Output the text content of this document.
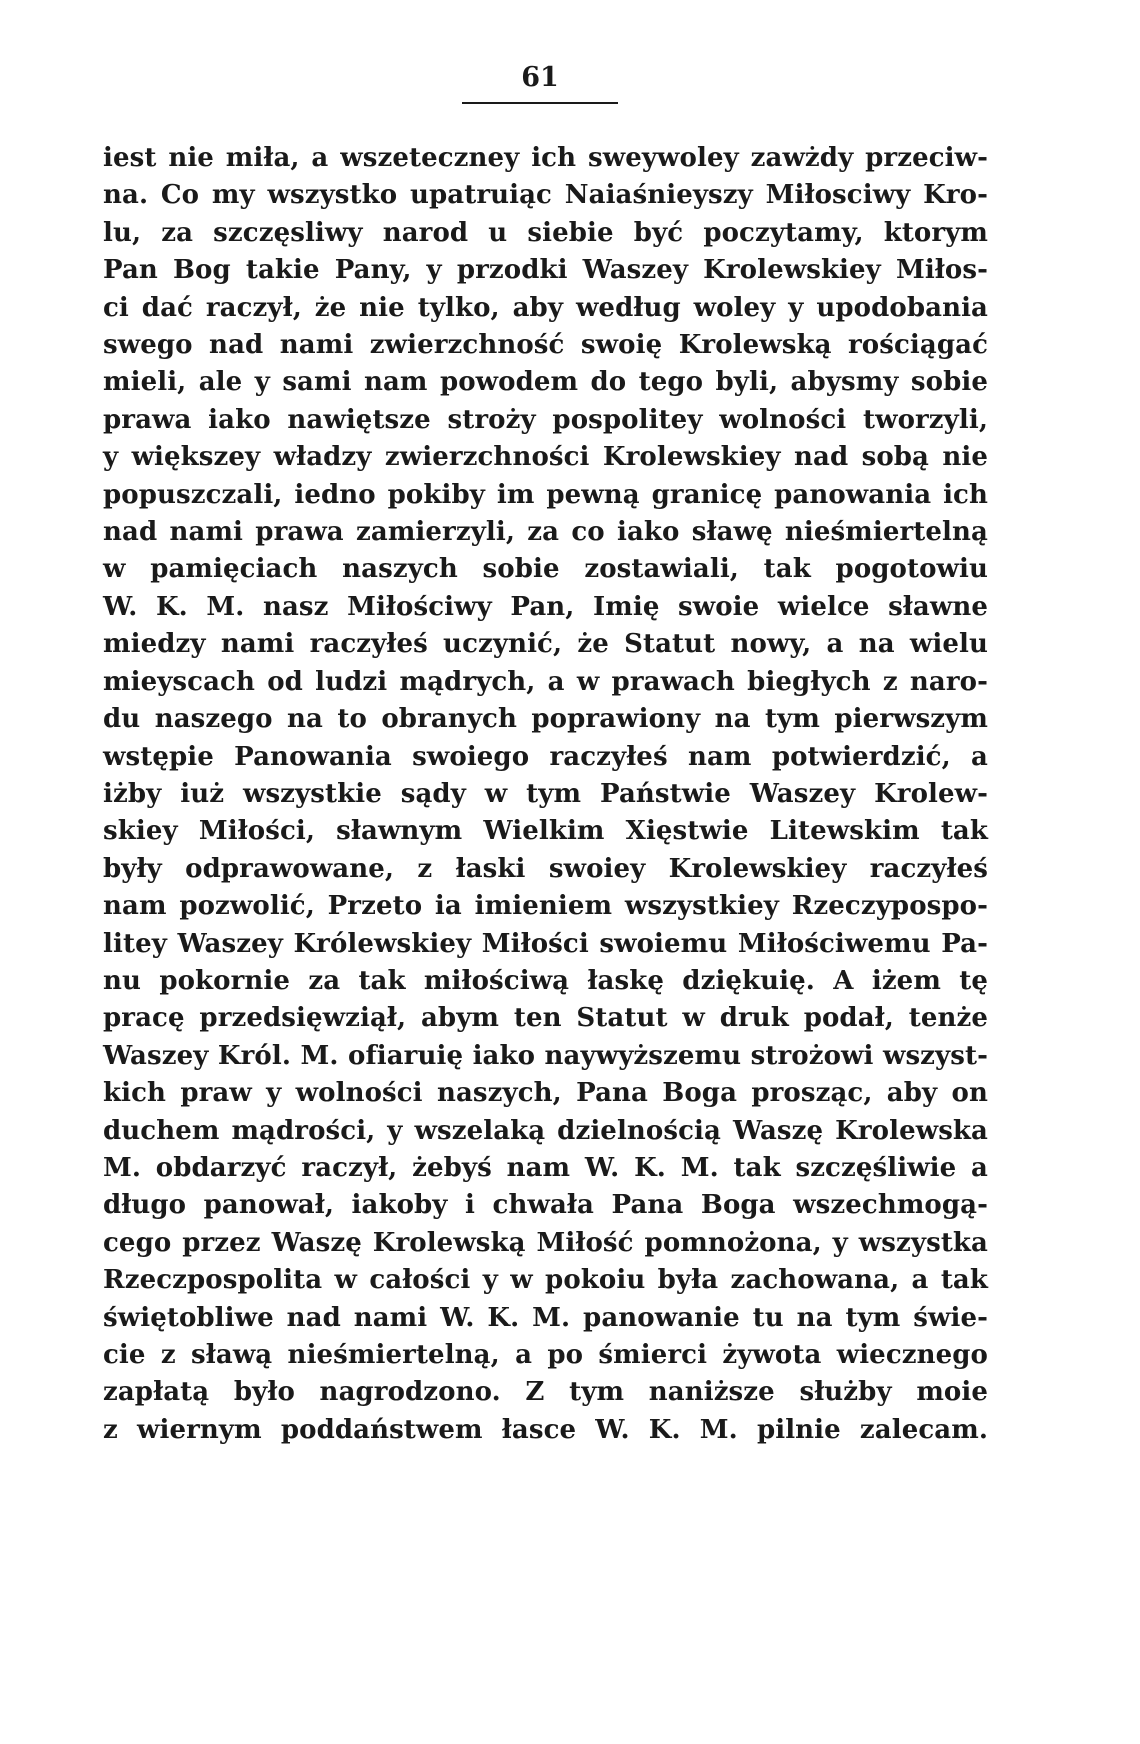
61
iest nie miła, a wszeteczney ich sweywoley zawżdy przeciw-
na. Co my wszystko upatruiąc Naiaśnieyszy Miłosciwy Kro-
lu, za szczęsliwy narod u siebie być poczytamy, ktorym
Pan Bog takie Pany, y przodki Waszey Krolewskiey Miłos-
ci dać raczył, że nie tylko, aby według woley y upodobania
swego nad nami zwierzchność swoię Krolewską rościągać
mieli, ale y sami nam powodem do tego byli, abysmy sobie
prawa iako nawiętsze stroży pospolitey wolności tworzyli,
y większey władzy zwierzchności Krolewskiey nad sobą nie
popuszczali, iedno pokiby im pewną granicę panowania ich
nad nami prawa zamierzyli, za co iako sławę nieśmiertelną
w pamięciach naszych sobie zostawiali, tak pogotowiu
W. K. M. nasz Miłościwy Pan, Imię swoie wielce sławne
miedzy nami raczyłeś uczynić, że Statut nowy, a na wielu
mieyscach od ludzi mądrych, a w prawach biegłych z naro-
du naszego na to obranych poprawiony na tym pierwszym
wstępie Panowania swoiego raczyłeś nam potwierdzić, a
iżby iuż wszystkie sądy w tym Państwie Waszey Krolew-
skiey Miłości, sławnym Wielkim Xięstwie Litewskim tak
były odprawowane, z łaski swoiey Krolewskiey raczyłeś
nam pozwolić, Przeto ia imieniem wszystkiey Rzeczypospo-
litey Waszey Królewskiey Miłości swoiemu Miłościwemu Pa-
nu pokornie za tak miłościwą łaskę dziękuię. A iżem tę
pracę przedsięwziął, abym ten Statut w druk podał, tenże
Waszey Król. M. ofiaruię iako naywyższemu strożowi wszyst-
kich praw y wolności naszych, Pana Boga prosząc, aby on
duchem mądrości, y wszelaką dzielnością Waszę Krolewska
M. obdarzyć raczył, żebyś nam W. K. M. tak szczęśliwie a
długo panował, iakoby i chwała Pana Boga wszechmogą-
cego przez Waszę Krolewską Miłość pomnożona, y wszystka
Rzeczpospolita w całości y w pokoiu była zachowana, a tak
świętobliwe nad nami W. K. M. panowanie tu na tym świe-
cie z sławą nieśmiertelną, a po śmierci żywota wiecznego
zapłatą było nagrodzono. Z tym naniższe służby moie
z wiernym poddaństwem łasce W. K. M. pilnie zalecam.
